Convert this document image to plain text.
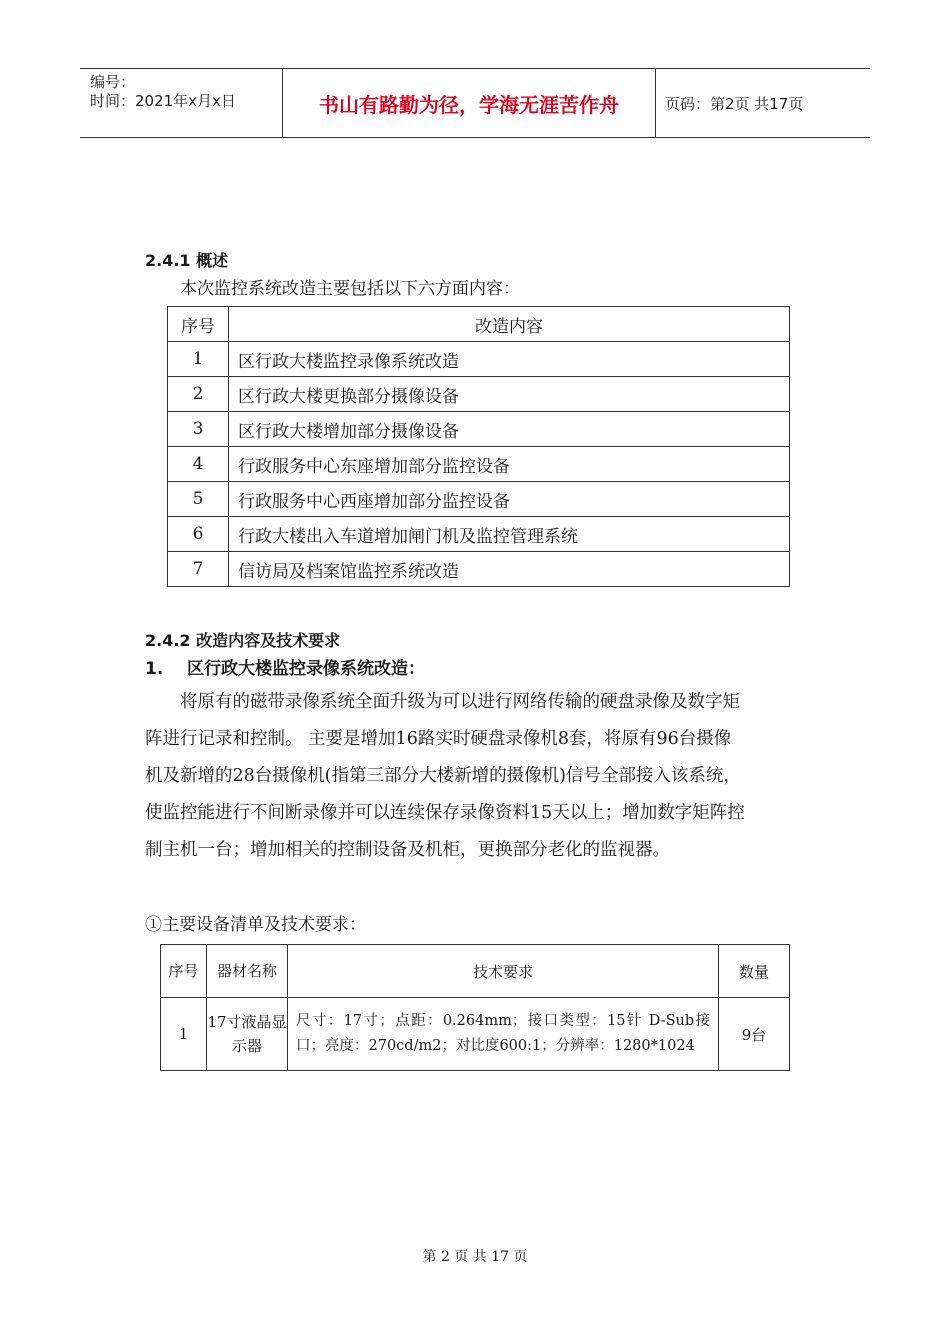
编号：
时间：2021年x月x日	书山有路勤为径，学海无涯苦作舟	页码：第2页 共17页
2.4.1 概述
本次监控系统改造主要包括以下六方面内容：
序号	改造内容
1	区行政大楼监控录像系统改造
2	区行政大楼更换部分摄像设备
3	区行政大楼增加部分摄像设备
4	行政服务中心东座增加部分监控设备
5	行政服务中心西座增加部分监控设备
6	行政大楼出入车道增加闸门机及监控管理系统
7	信访局及档案馆监控系统改造
2.4.2 改造内容及技术要求
1.    区行政大楼监控录像系统改造：
　　将原有的磁带录像系统全面升级为可以进行网络传输的硬盘录像及数字矩
阵进行记录和控制。 主要是增加16路实时硬盘录像机8套，将原有96台摄像
机及新增的28台摄像机(指第三部分大楼新增的摄像机)信号全部接入该系统，
使监控能进行不间断录像并可以连续保存录像资料15天以上；增加数字矩阵控
制主机一台；增加相关的控制设备及机柜，更换部分老化的监视器。
①主要设备清单及技术要求：
序号	器材名称	技术要求	数量
1	17寸液晶显示器	尺寸：17寸；点距：0.264mm；接口类型：15针 D-Sub接口；亮度：270cd/m2；对比度600:1；分辨率：1280*1024	9台
第 2 页 共 17 页
